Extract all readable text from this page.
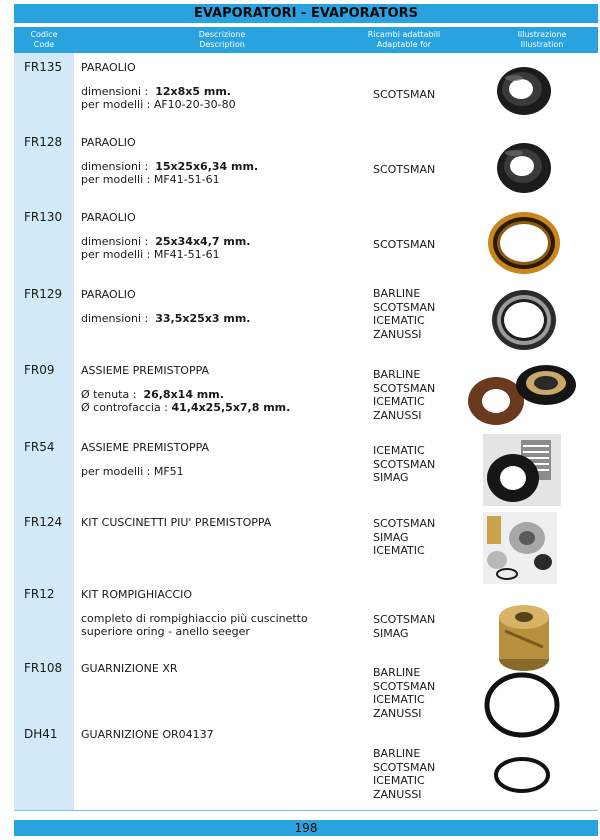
EVAPORATORI - EVAPORATORS
Codice
Code
Descrizione
Description
Ricambi adattabili
Adaptable for
Illustrazione
Illustration
FR135 PARAOLIO
dimensioni : 12x8x5 mm.
per modelli : AF10-20-30-80
SCOTSMAN
FR128 PARAOLIO
dimensioni : 15x25x6,34 mm.
per modelli : MF41-51-61
SCOTSMAN
FR130 PARAOLIO
dimensioni : 25x34x4,7 mm.
per modelli : MF41-51-61
SCOTSMAN
FR129 PARAOLIO
dimensioni : 33,5x25x3 mm.
BARLINE
SCOTSMAN
ICEMATIC
ZANUSSI
FR09 ASSIEME PREMISTOPPA
Ø tenuta : 26,8x14 mm.
Ø controfaccia : 41,4x25,5x7,8 mm.
BARLINE
SCOTSMAN
ICEMATIC
ZANUSSI
FR54 ASSIEME PREMISTOPPA
per modelli : MF51
ICEMATIC
SCOTSMAN
SIMAG
FR124 KIT CUSCINETTI PIU' PREMISTOPPA	SCOTSMAN
SIMAG
ICEMATIC
FR12 KIT ROMPIGHIACCIO
completo di rompighiaccio più cuscinetto
superiore oring - anello seeger
SCOTSMAN
SIMAG
FR108 GUARNIZIONE XR	BARLINE
SCOTSMAN
ICEMATIC
ZANUSSI
DH41 GUARNIZIONE OR04137
BARLINE
SCOTSMAN
ICEMATIC
ZANUSSI
198
